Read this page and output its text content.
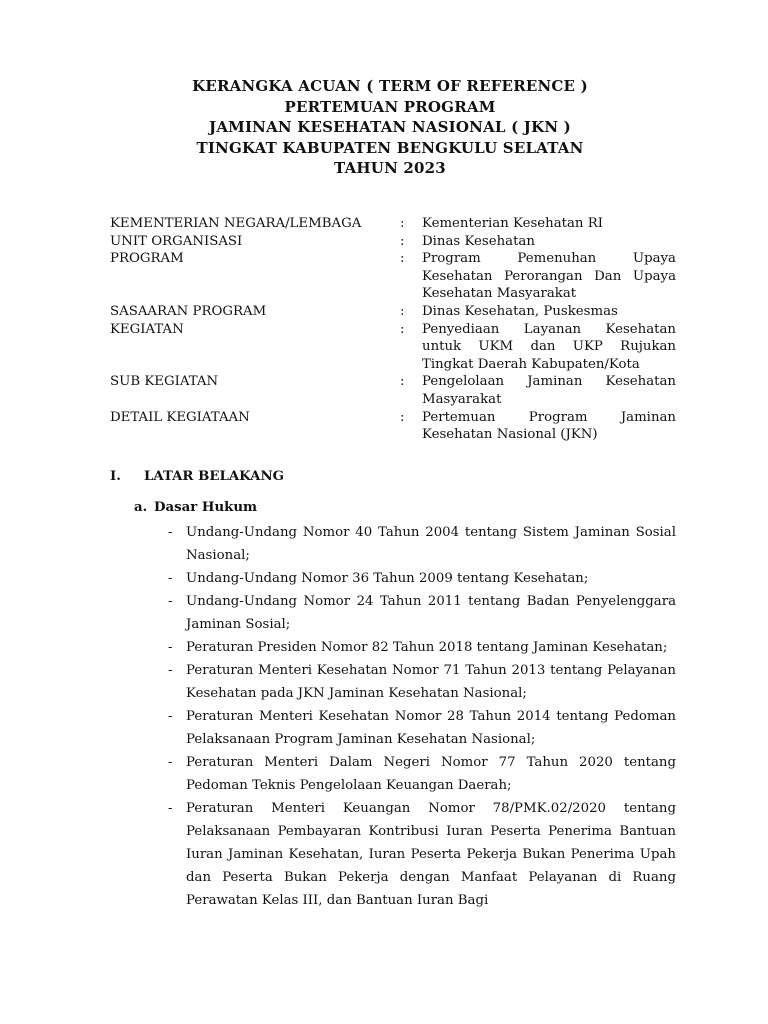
KERANGKA ACUAN ( TERM OF REFERENCE )
PERTEMUAN PROGRAM
JAMINAN KESEHATAN NASIONAL ( JKN )
TINGKAT KABUPATEN BENGKULU SELATAN
TAHUN 2023
KEMENTERIAN NEGARA/LEMBAGA	:	Kementerian Kesehatan RI
UNIT ORGANISASI	:	Dinas Kesehatan
PROGRAM	:	Program Pemenuhan Upaya Kesehatan Perorangan Dan Upaya Kesehatan Masyarakat
SASAARAN PROGRAM	:	Dinas Kesehatan, Puskesmas
KEGIATAN	:	Penyediaan Layanan Kesehatan untuk UKM dan UKP Rujukan Tingkat Daerah Kabupaten/Kota
SUB KEGIATAN	:	Pengelolaan Jaminan Kesehatan Masyarakat
DETAIL KEGIATAAN	:	Pertemuan Program Jaminan Kesehatan Nasional (JKN)
I.	LATAR BELAKANG
a. Dasar Hukum
-	Undang-Undang Nomor 40 Tahun 2004 tentang Sistem Jaminan Sosial Nasional;
-	Undang-Undang Nomor 36 Tahun 2009 tentang Kesehatan;
-	Undang-Undang Nomor 24 Tahun 2011 tentang Badan Penyelenggara Jaminan Sosial;
-	Peraturan Presiden Nomor 82 Tahun 2018 tentang Jaminan Kesehatan;
-	Peraturan Menteri Kesehatan Nomor 71 Tahun 2013 tentang Pelayanan Kesehatan pada JKN Jaminan Kesehatan Nasional;
-	Peraturan Menteri Kesehatan Nomor 28 Tahun 2014 tentang Pedoman Pelaksanaan Program Jaminan Kesehatan Nasional;
-	Peraturan Menteri Dalam Negeri Nomor 77 Tahun 2020 tentang Pedoman Teknis Pengelolaan Keuangan Daerah;
-	Peraturan Menteri Keuangan Nomor 78/PMK.02/2020 tentang Pelaksanaan Pembayaran Kontribusi Iuran Peserta Penerima Bantuan Iuran Jaminan Kesehatan, Iuran Peserta Pekerja Bukan Penerima Upah dan Peserta Bukan Pekerja dengan Manfaat Pelayanan di Ruang Perawatan Kelas III, dan Bantuan Iuran Bagi
